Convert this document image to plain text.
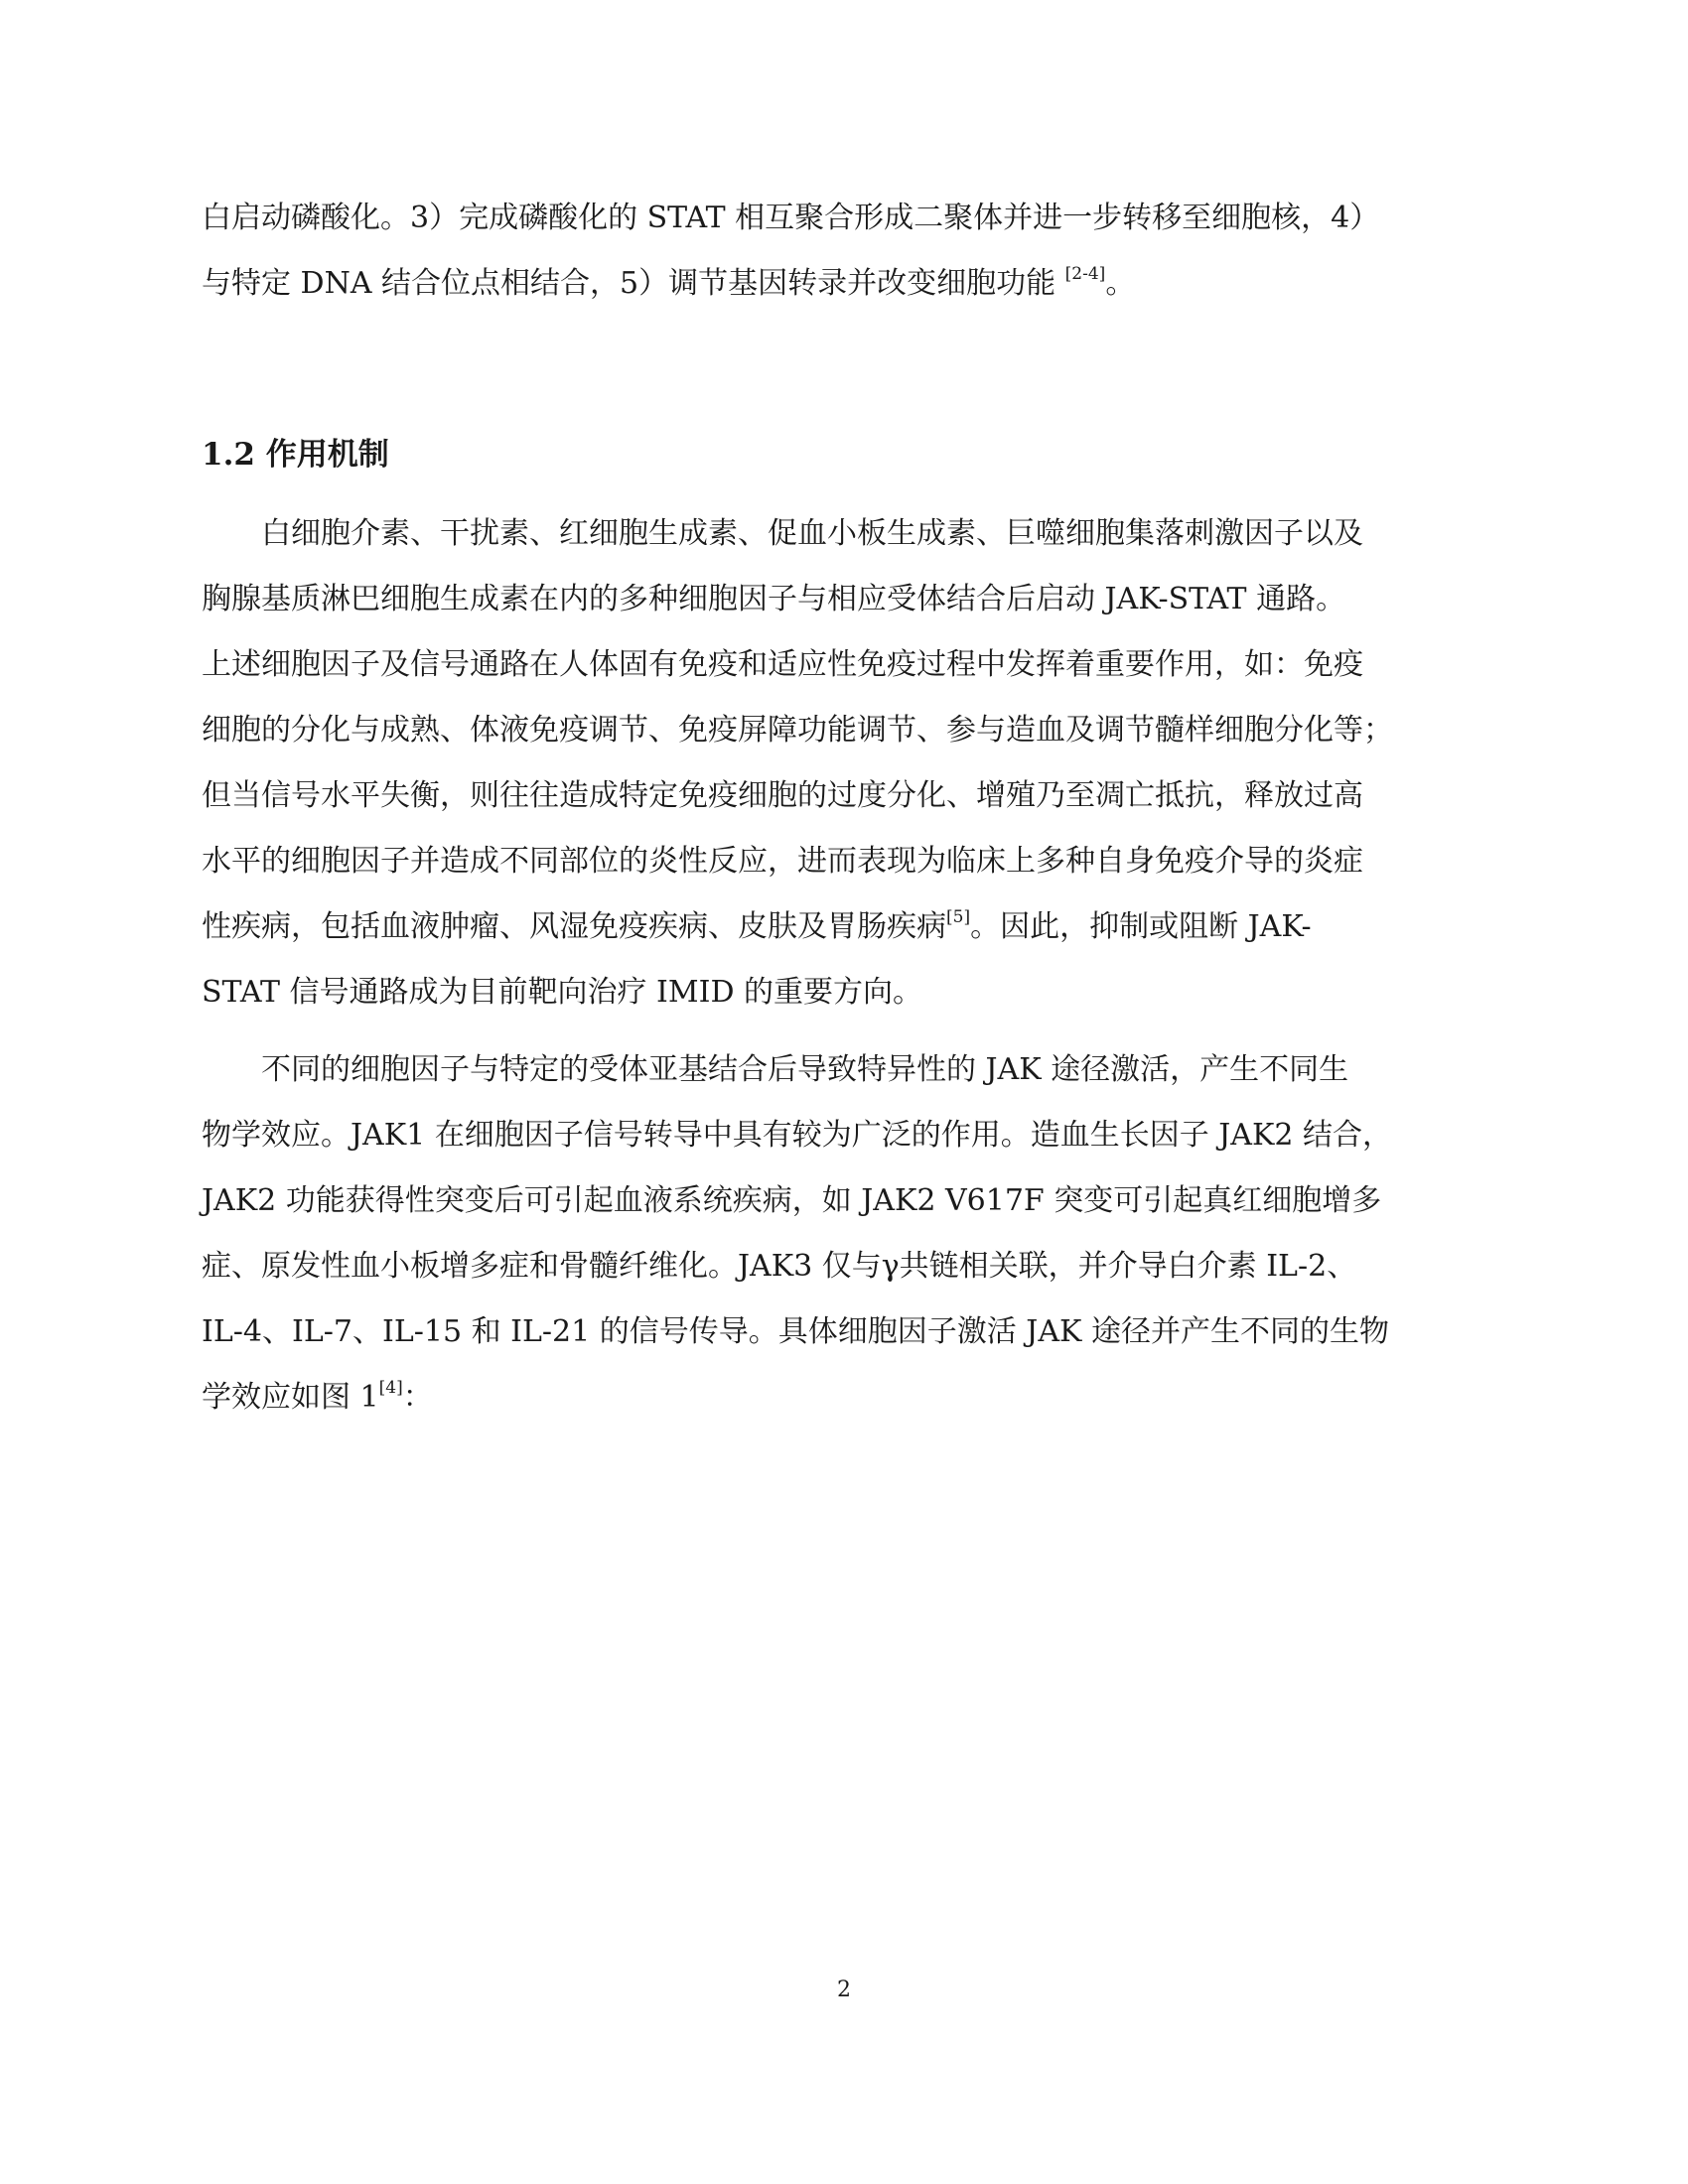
白启动磷酸化。3）完成磷酸化的 STAT 相互聚合形成二聚体并进一步转移至细胞核，4）
与特定 DNA 结合位点相结合，5）调节基因转录并改变细胞功能 [2-4]。
1.2 作用机制
白细胞介素、干扰素、红细胞生成素、促血小板生成素、巨噬细胞集落刺激因子以及
胸腺基质淋巴细胞生成素在内的多种细胞因子与相应受体结合后启动 JAK-STAT 通路。
上述细胞因子及信号通路在人体固有免疫和适应性免疫过程中发挥着重要作用，如：免疫
细胞的分化与成熟、体液免疫调节、免疫屏障功能调节、参与造血及调节髓样细胞分化等；
但当信号水平失衡，则往往造成特定免疫细胞的过度分化、增殖乃至凋亡抵抗，释放过高
水平的细胞因子并造成不同部位的炎性反应，进而表现为临床上多种自身免疫介导的炎症
性疾病，包括血液肿瘤、风湿免疫疾病、皮肤及胃肠疾病[5]。因此，抑制或阻断 JAK-
STAT 信号通路成为目前靶向治疗 IMID 的重要方向。
不同的细胞因子与特定的受体亚基结合后导致特异性的 JAK 途径激活，产生不同生
物学效应。JAK1 在细胞因子信号转导中具有较为广泛的作用。造血生长因子 JAK2 结合，
JAK2 功能获得性突变后可引起血液系统疾病，如 JAK2 V617F 突变可引起真红细胞增多
症、原发性血小板增多症和骨髓纤维化。JAK3 仅与γ共链相关联，并介导白介素 IL-2、
IL-4、IL-7、IL-15 和 IL-21 的信号传导。具体细胞因子激活 JAK 途径并产生不同的生物
学效应如图 1[4]：
2
